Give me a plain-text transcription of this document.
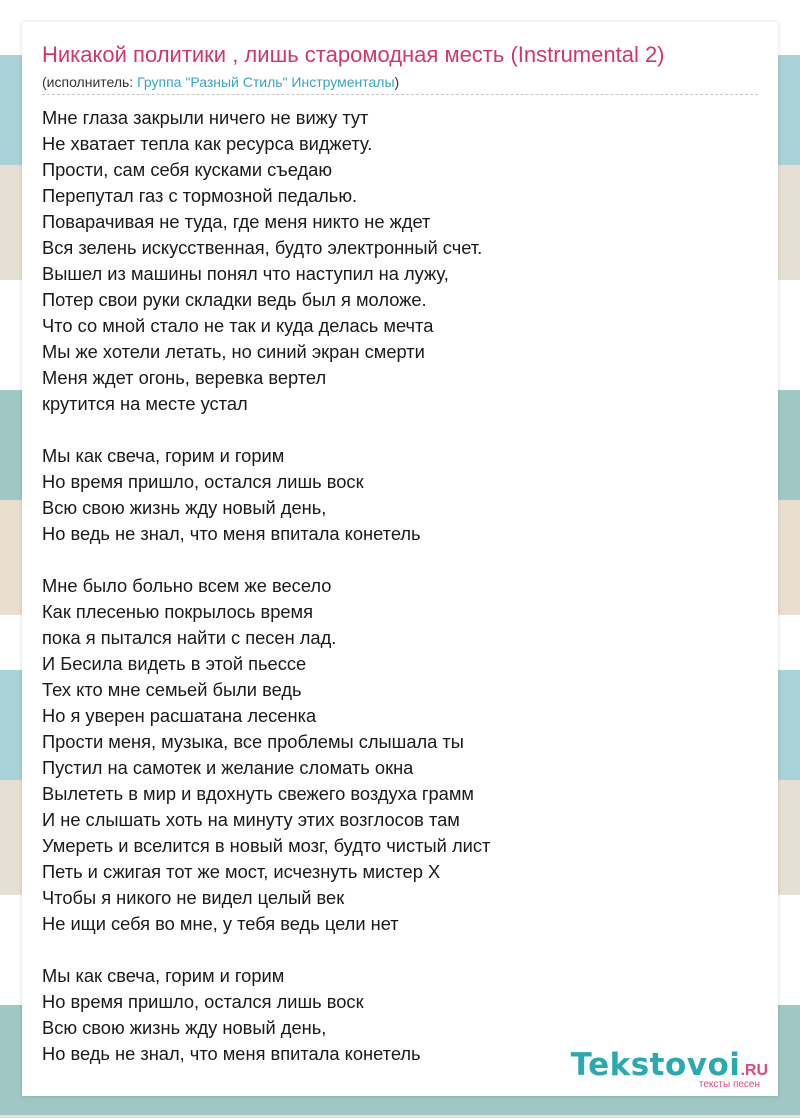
Никакой политики , лишь старомодная месть (Instrumental 2)
(исполнитель: Группа "Разный Стиль" Инструменталы)
Мне глаза закрыли ничего не вижу тут
Не хватает тепла как ресурса виджету.
Прости, сам себя кусками съедаю
Перепутал газ с тормозной педалью.
Поварачивая не туда, где меня никто не ждет
Вся зелень искусственная, будто электронный счет.
Вышел из машины понял что наступил на лужу,
Потер свои руки складки ведь был я моложе.
Что со мной стало не так и куда делась мечта
Мы же хотели летать, но синий экран смерти
Меня ждет огонь, веревка вертел
крутится на месте устал
Мы как свеча, горим и горим
Но время пришло, остался лишь воск
Всю свою жизнь жду новый день,
Но ведь не знал, что меня впитала конетель
Мне было больно всем же весело
Как плесенью покрылось время
пока я пытался найти с песен лад.
И Бесила видеть в этой пьессе
Тех кто мне семьей были ведь
Но я уверен расшатана лесенка
Прости меня, музыка, все проблемы слышала ты
Пустил на самотек и желание сломать окна
Вылететь в мир и вдохнуть свежего воздуха грамм
И не слышать хоть на минуту этих возглосов там
Умереть и вселится в новый мозг, будто чистый лист
Петь и сжигая тот же мост, исчезнуть мистер Х
Чтобы я никого не видел целый век
Не ищи себя во мне, у тебя ведь цели нет
Мы как свеча, горим и горим
Но время пришло, остался лишь воск
Всю свою жизнь жду новый день,
Но ведь не знал, что меня впитала конетель	Tekstovoi.RU
тексты песен
